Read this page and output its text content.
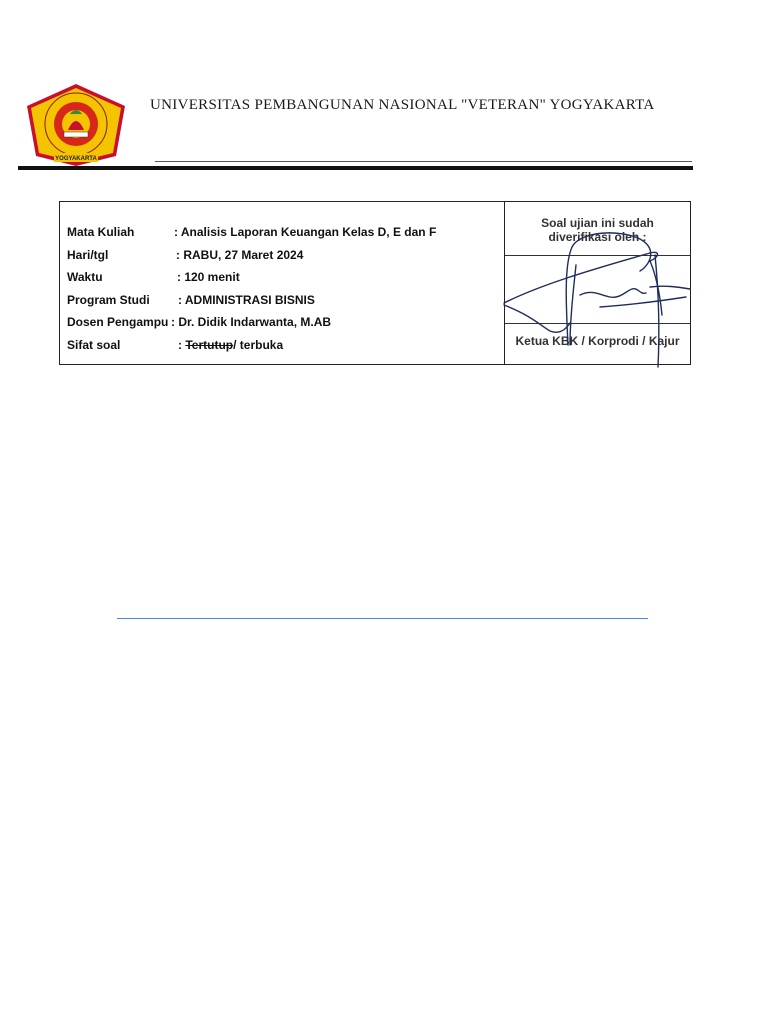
YOGYAKARTA
UNIVERSITAS PEMBANGUNAN NASIONAL "VETERAN" YOGYAKARTA
Mata Kuliah	: Analisis Laporan Keuangan Kelas D, E dan F
Hari/tgl	: RABU, 27 Maret 2024
Waktu	: 120 menit
Program Studi : ADMINISTRASI BISNIS
Dosen Pengampu : Dr. Didik Indarwanta, M.AB
Sifat soal	: Tertutup/ terbuka
Soal ujian ini sudah
diverifikasi oleh :
Ketua KBK / Korprodi / Kajur
